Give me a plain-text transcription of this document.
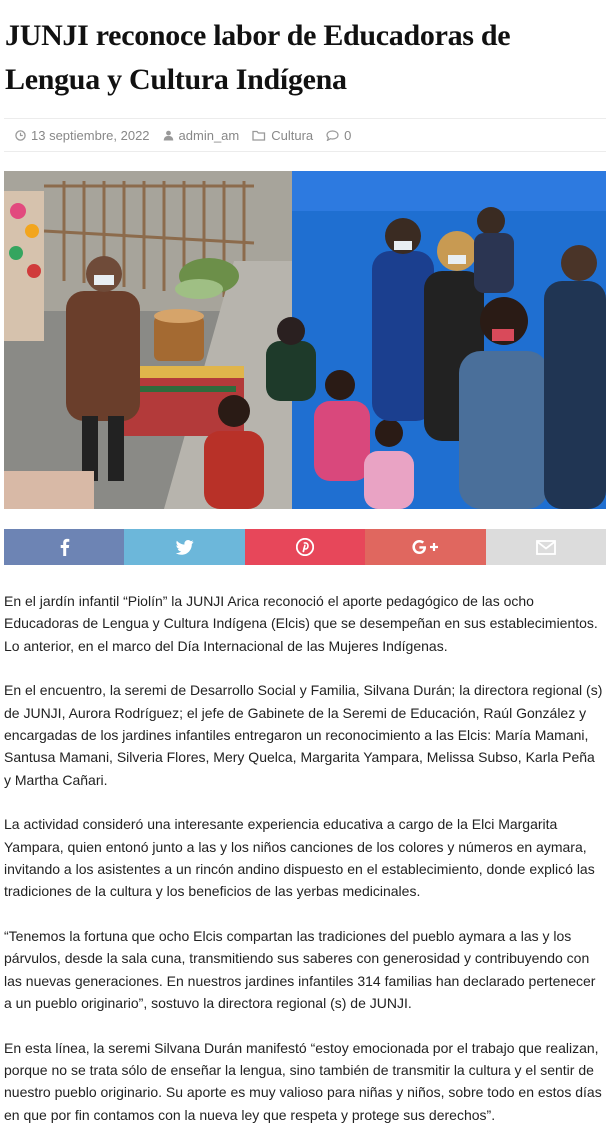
JUNJI reconoce labor de Educadoras de Lengua y Cultura Indígena
13 septiembre, 2022 admin_am Cultura 0

En el jardín infantil “Piolín” la JUNJI Arica reconoció el aporte pedagógico de las ocho Educadoras de Lengua y Cultura Indígena (Elcis) que se desempeñan en sus establecimientos. Lo anterior, en el marco del Día Internacional de las Mujeres Indígenas.

En el encuentro, la seremi de Desarrollo Social y Familia, Silvana Durán; la directora regional (s) de JUNJI, Aurora Rodríguez; el jefe de Gabinete de la Seremi de Educación, Raúl González y encargadas de los jardines infantiles entregaron un reconocimiento a las Elcis: María Mamani, Santusa Mamani, Silveria Flores, Mery Quelca, Margarita Yampara, Melissa Subso, Karla Peña y Martha Cañari.

La actividad consideró una interesante experiencia educativa a cargo de la Elci Margarita Yampara, quien entonó junto a las y los niños canciones de los colores y números en aymara, invitando a los asistentes a un rincón andino dispuesto en el establecimiento, donde explicó las tradiciones de la cultura y los beneficios de las yerbas medicinales.

“Tenemos la fortuna que ocho Elcis compartan las tradiciones del pueblo aymara a las y los párvulos, desde la sala cuna, transmitiendo sus saberes con generosidad y contribuyendo con las nuevas generaciones. En nuestros jardines infantiles 314 familias han declarado pertenecer a un pueblo originario”, sostuvo la directora regional (s) de JUNJI.

En esta línea, la seremi Silvana Durán manifestó “estoy emocionada por el trabajo que realizan, porque no se trata sólo de enseñar la lengua, sino también de transmitir la cultura y el sentir de nuestro pueblo originario. Su aporte es muy valioso para niñas y niños, sobre todo en estos días en que por fin contamos con la nueva ley que respeta y protege sus derechos”.
